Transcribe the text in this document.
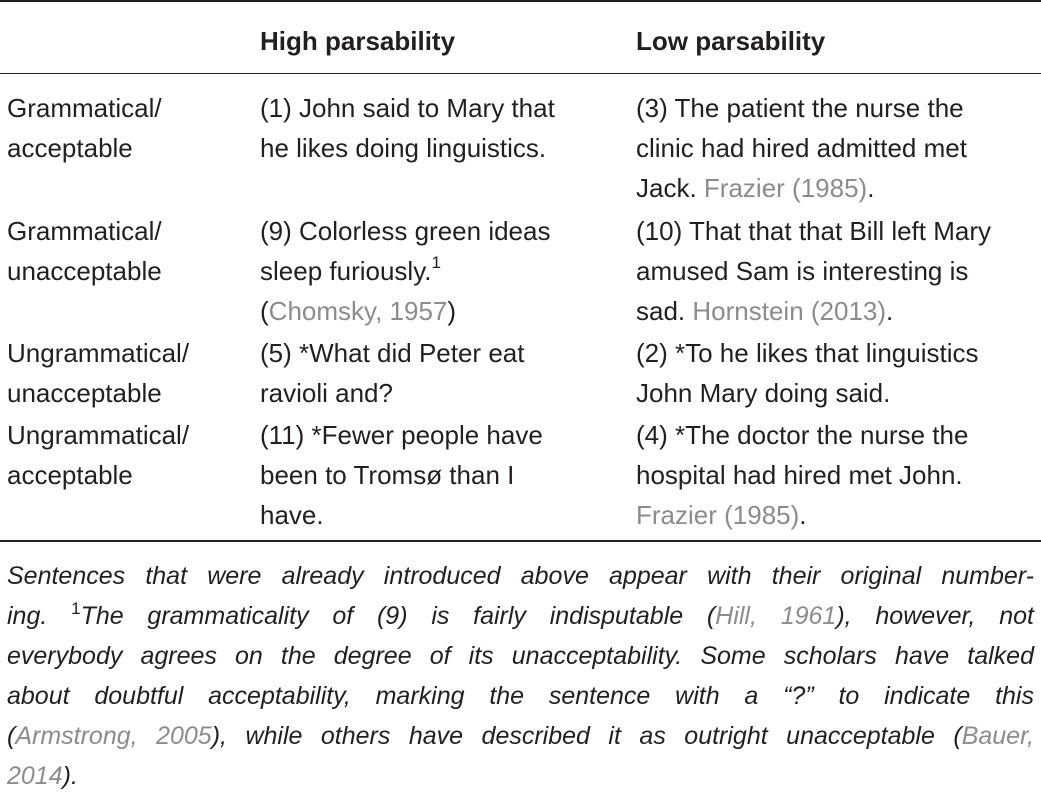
High parsability	Low parsability
Grammatical/
acceptable
(1) John said to Mary that
he likes doing linguistics.
(3) The patient the nurse the
clinic had hired admitted met
Jack. Frazier (1985).
Grammatical/
unacceptable
(9) Colorless green ideas
sleep furiously.$^1$
(Chomsky, 1957)
(10) That that that Bill left Mary
amused Sam is interesting is
sad. Hornstein (2013).
Ungrammatical/
unacceptable
(5) *What did Peter eat
ravioli and?
(2) *To he likes that linguistics
John Mary doing said.
Ungrammatical/
acceptable
(11) *Fewer people have
been to Tromsø than I
have.
(4) *The doctor the nurse the
hospital had hired met John.
Frazier (1985).
Sentences that were already introduced above appear with their original number-
ing. $^1$The grammaticality of (9) is fairly indisputable (Hill, 1961), however, not
everybody agrees on the degree of its unacceptability. Some scholars have talked
about doubtful acceptability, marking the sentence with a “?” to indicate this
(Armstrong, 2005), while others have described it as outright unacceptable (Bauer,
2014).
